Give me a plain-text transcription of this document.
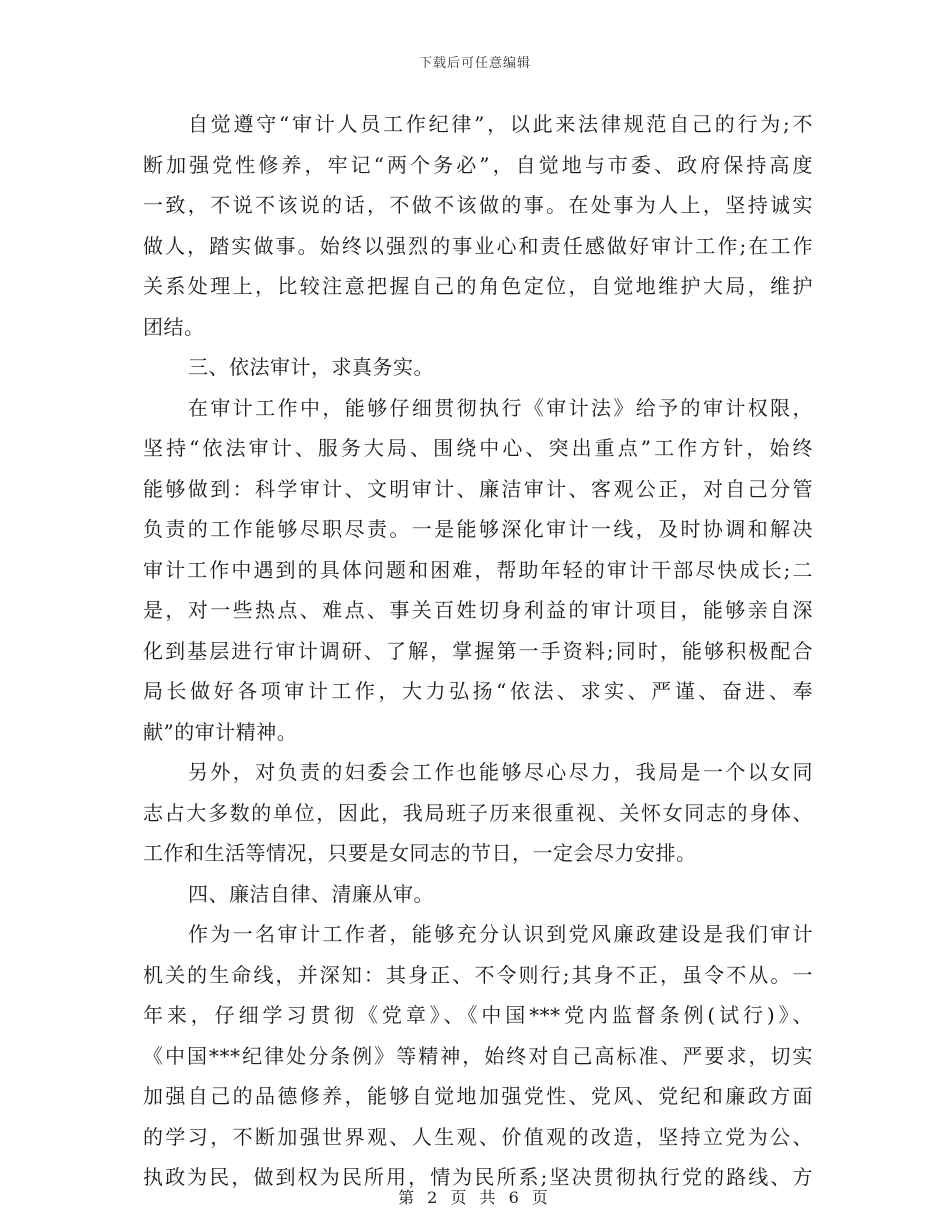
下载后可任意编辑
自觉遵守“审计人员工作纪律”，以此来法律规范自己的行为;不
断加强党性修养，牢记“两个务必”，自觉地与市委、政府保持高度
一致，不说不该说的话，不做不该做的事。在处事为人上，坚持诚实
做人，踏实做事。始终以强烈的事业心和责任感做好审计工作;在工作
关系处理上，比较注意把握自己的角色定位，自觉地维护大局，维护
团结。
三、依法审计，求真务实。
在审计工作中，能够仔细贯彻执行《审计法》给予的审计权限，
坚持“依法审计、服务大局、围绕中心、突出重点”工作方针，始终
能够做到：科学审计、文明审计、廉洁审计、客观公正，对自己分管
负责的工作能够尽职尽责。一是能够深化审计一线，及时协调和解决
审计工作中遇到的具体问题和困难，帮助年轻的审计干部尽快成长;二
是，对一些热点、难点、事关百姓切身利益的审计项目，能够亲自深
化到基层进行审计调研、了解，掌握第一手资料;同时，能够积极配合
局长做好各项审计工作，大力弘扬“依法、求实、严谨、奋进、奉
献”的审计精神。
另外，对负责的妇委会工作也能够尽心尽力，我局是一个以女同
志占大多数的单位，因此，我局班子历来很重视、关怀女同志的身体、
工作和生活等情况，只要是女同志的节日，一定会尽力安排。
四、廉洁自律、清廉从审。
作为一名审计工作者，能够充分认识到党风廉政建设是我们审计
机关的生命线，并深知：其身正、不令则行;其身不正，虽令不从。一
年来，仔细学习贯彻《党章》、《中国***党内监督条例(试行)》、
《中国***纪律处分条例》等精神，始终对自己高标准、严要求，切实
加强自己的品德修养，能够自觉地加强党性、党风、党纪和廉政方面
的学习，不断加强世界观、人生观、价值观的改造，坚持立党为公、
执政为民，做到权为民所用，情为民所系;坚决贯彻执行党的路线、方
第 2 页 共 6 页
